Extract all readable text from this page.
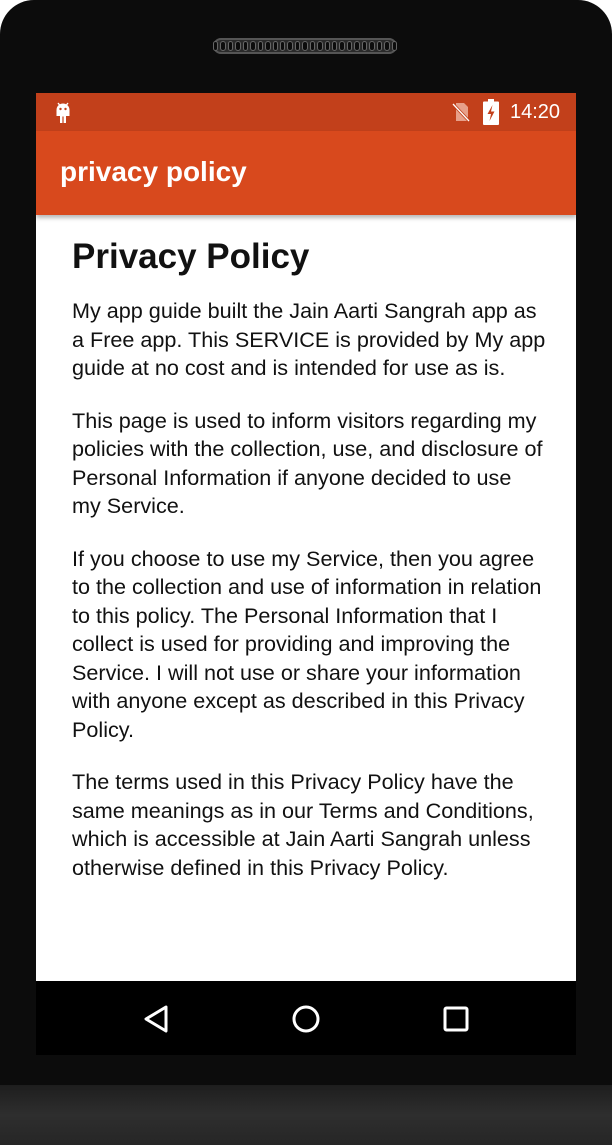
14:20
privacy policy
Privacy Policy

My app guide built the Jain Aarti Sangrah app as a Free app. This SERVICE is provided by My app guide at no cost and is intended for use as is.

This page is used to inform visitors regarding my policies with the collection, use, and disclosure of Personal Information if anyone decided to use my Service.

If you choose to use my Service, then you agree to the collection and use of information in relation to this policy. The Personal Information that I collect is used for providing and improving the Service. I will not use or share your information with anyone except as described in this Privacy Policy.

The terms used in this Privacy Policy have the same meanings as in our Terms and Conditions, which is accessible at Jain Aarti Sangrah unless otherwise defined in this Privacy Policy.
